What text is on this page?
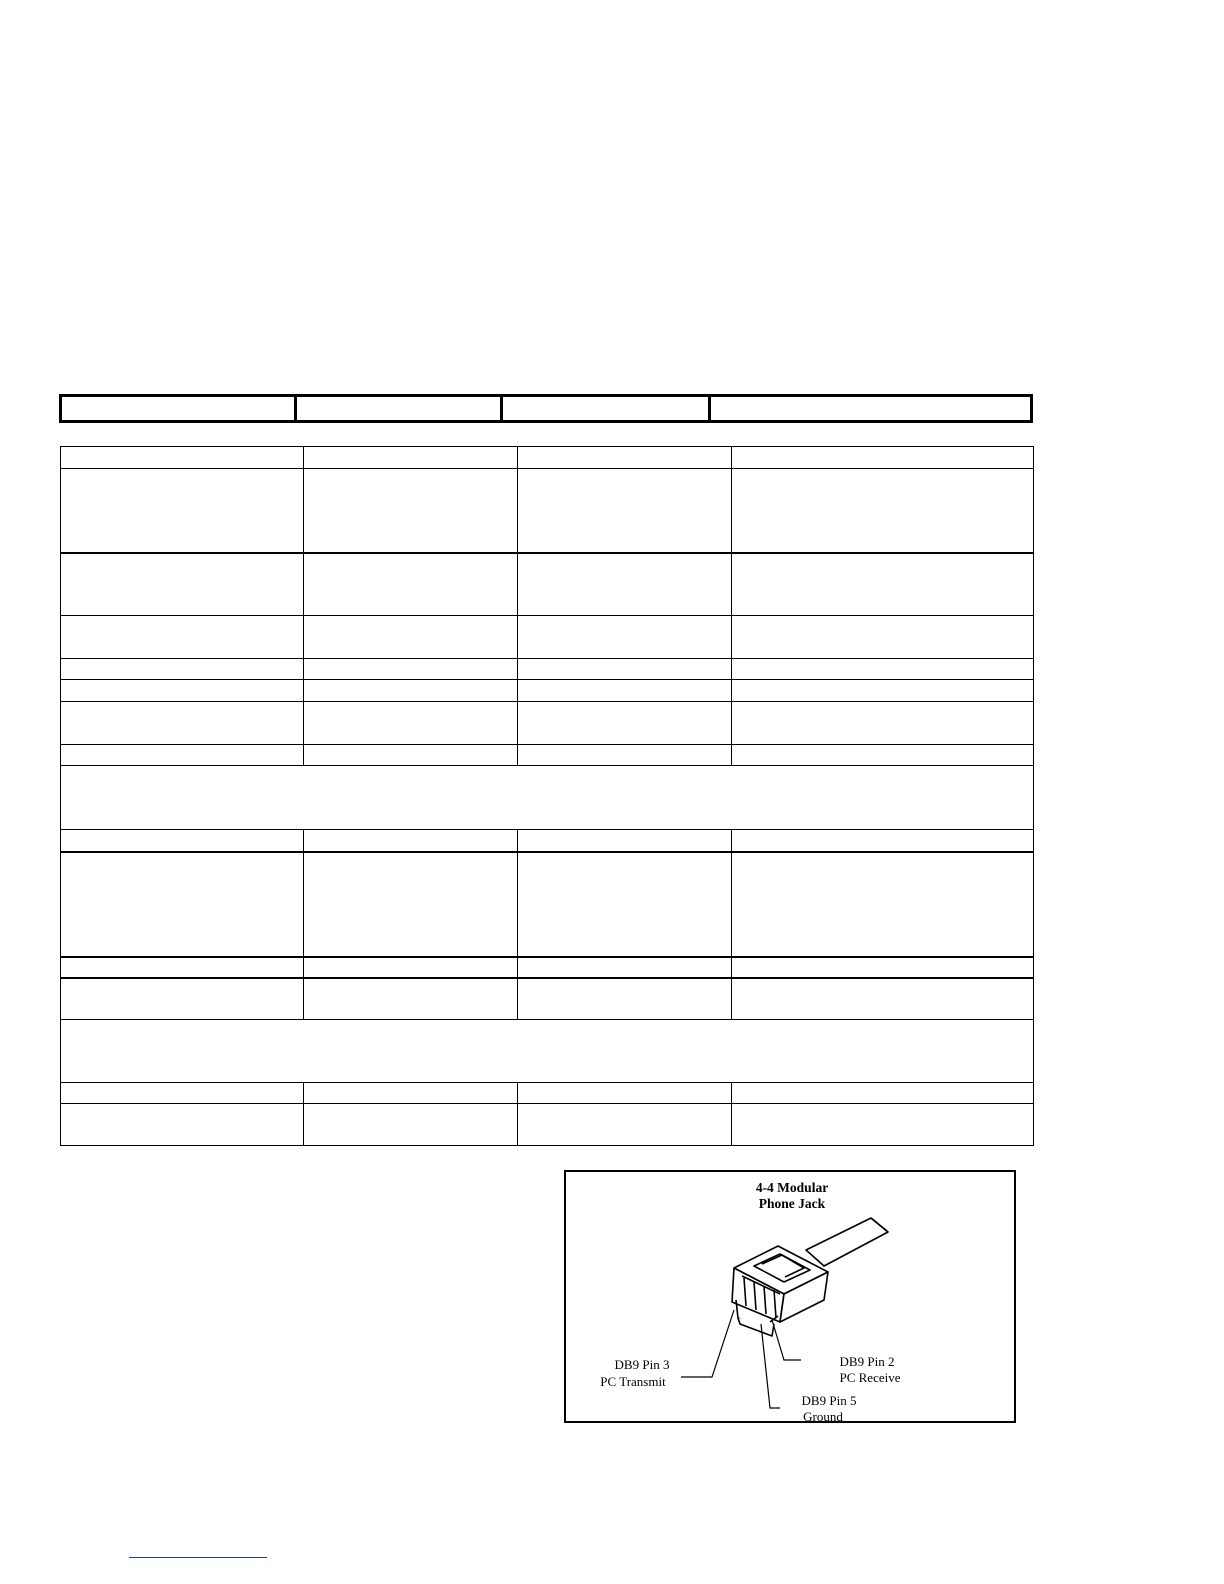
4-4 Modular
Phone Jack
DB9 Pin 3
PC Transmit
DB9 Pin 2
PC Receive
DB9 Pin 5
Ground
